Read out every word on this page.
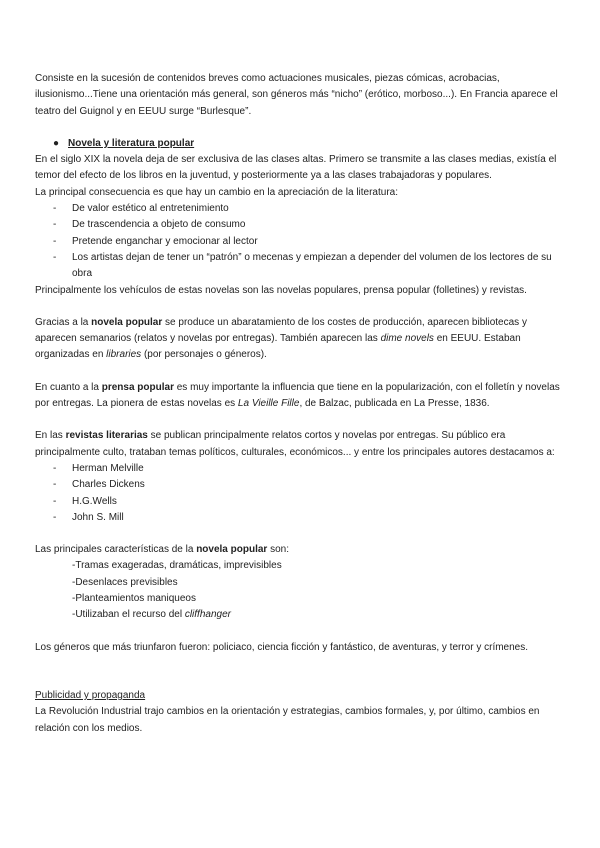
Consiste en la sucesión de contenidos breves como actuaciones musicales, piezas cómicas, acrobacias, ilusionismo...Tiene una orientación más general, son géneros más “nicho” (erótico, morboso...). En Francia aparece el teatro del Guignol y en EEUU surge “Burlesque”.

● Novela y literatura popular

En el siglo XIX la novela deja de ser exclusiva de las clases altas. Primero se transmite a las clases medias, existía el temor del efecto de los libros en la juventud, y posteriormente ya a las clases trabajadoras y populares.

La principal consecuencia es que hay un cambio en la apreciación de la literatura:

- De valor estético al entretenimiento
- De trascendencia a objeto de consumo
- Pretende enganchar y emocionar al lector
- Los artistas dejan de tener un “patrón” o mecenas y empiezan a depender del volumen de los lectores de su obra

Principalmente los vehículos de estas novelas son las novelas populares, prensa popular (folletines) y revistas.

Gracias a la novela popular se produce un abaratamiento de los costes de producción, aparecen bibliotecas y aparecen semanarios (relatos y novelas por entregas). También aparecen las dime novels en EEUU. Estaban organizadas en libraries (por personajes o géneros).

En cuanto a la prensa popular es muy importante la influencia que tiene en la popularización, con el folletín y novelas por entregas. La pionera de estas novelas es La Vieille Fille, de Balzac, publicada en La Presse, 1836.

En las revistas literarias se publican principalmente relatos cortos y novelas por entregas. Su público era principalmente culto, trataban temas políticos, culturales, económicos... y entre los principales autores destacamos a:

- Herman Melville
- Charles Dickens
- H.G.Wells
- John S. Mill

Las principales características de la novela popular son:

-Tramas exageradas, dramáticas, imprevisibles
-Desenlaces previsibles
-Planteamientos maniqueos
-Utilizaban el recurso del cliffhanger

Los géneros que más triunfaron fueron: policiaco, ciencia ficción y fantástico, de aventuras, y terror y crímenes.

Publicidad y propaganda

La Revolución Industrial trajo cambios en la orientación y estrategias, cambios formales, y, por último, cambios en relación con los medios.
